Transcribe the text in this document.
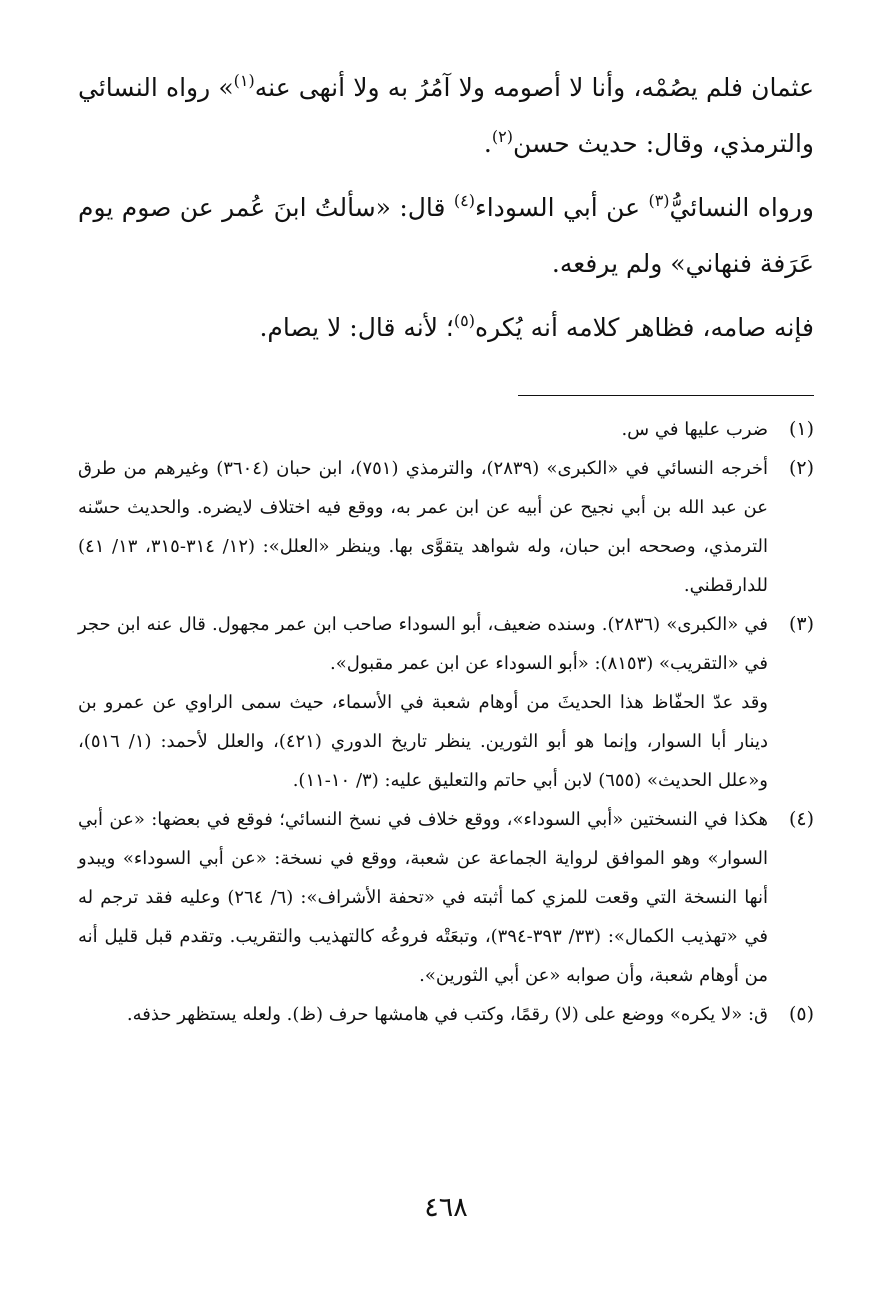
عثمان فلم يصُمْه، وأنا لا أصومه ولا آمُرُ به ولا أنهى عنه$^{(١)}$» رواه النسائي والترمذي، وقال: حديث حسن$^{(٢)}$.

ورواه النسائيُّ$^{(٣)}$ عن أبي السوداء$^{(٤)}$ قال: «سألتُ ابنَ عُمر عن صوم يوم عَرَفة فنهاني» ولم يرفعه.

فإنه صامه، فظاهر كلامه أنه يُكره$^{(٥)}$؛ لأنه قال: لا يصام.

(١)

ضرب عليها في س.

(٢)

أخرجه النسائي في «الكبرى» (٢٨٣٩)، والترمذي (٧٥١)، ابن حبان (٣٦٠٤) وغيرهم من طرق عن عبد الله بن أبي نجيح عن أبيه عن ابن عمر به، ووقع فيه اختلاف لايضره. والحديث حسّنه الترمذي، وصححه ابن حبان، وله شواهد يتقوَّى بها. وينظر «العلل»: (١٢/ ٣١٤-٣١٥، ١٣/ ٤١) للدارقطني.

(٣)

في «الكبرى» (٢٨٣٦). وسنده ضعيف، أبو السوداء صاحب ابن عمر مجهول. قال عنه ابن حجر في «التقريب» (٨١٥٣): «أبو السوداء عن ابن عمر مقبول».

وقد عدّ الحفّاظ هذا الحديثَ من أوهام شعبة في الأسماء، حيث سمى الراوي عن عمرو بن دينار أبا السوار، وإنما هو أبو الثورين. ينظر تاريخ الدوري (٤٢١)، والعلل لأحمد: (١/ ٥١٦)، و«علل الحديث» (٦٥٥) لابن أبي حاتم والتعليق عليه: (٣/ ١٠-١١).

(٤)

هكذا في النسختين «أبي السوداء»، ووقع خلاف في نسخ النسائي؛ فوقع في بعضها: «عن أبي السوار» وهو الموافق لرواية الجماعة عن شعبة، ووقع في نسخة: «عن أبي السوداء» ويبدو أنها النسخة التي وقعت للمزي كما أثبته في «تحفة الأشراف»: (٦/ ٢٦٤) وعليه فقد ترجم له في «تهذيب الكمال»: (٣٣/ ٣٩٣-٣٩٤)، وتبعَتْه فروعُه كالتهذيب والتقريب. وتقدم قبل قليل أنه من أوهام شعبة، وأن صوابه «عن أبي الثورين».

(٥)

ق: «لا يكره» ووضع على (لا) رقمًا، وكتب في هامشها حرف (ظ). ولعله يستظهر حذفه.

٤٦٨
